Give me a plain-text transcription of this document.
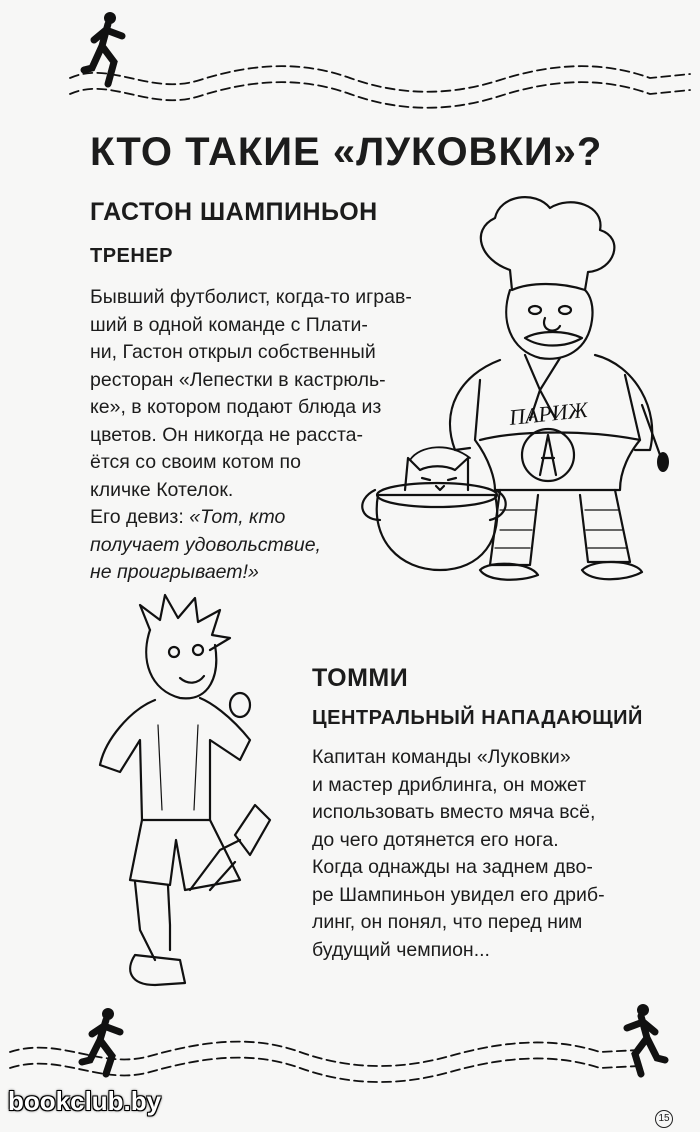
КТО ТАКИЕ «ЛУКОВКИ»?
ГАСТОН ШАМПИНЬОН
ТРЕНЕР

Бывший футболист, когда-то играв-

ший в одной команде с Плати-

ни, Гастон открыл собственный

ресторан «Лепестки в кастрюль-

ке», в котором подают блюда из

цветов. Он никогда не расста-

ётся со своим котом по

кличке Котелок.

Его девиз: «Тот, кто

получает удовольствие,

не проигрывает!»

ПАРИЖ
ТОММИ
ЦЕНТРАЛЬНЫЙ НАПАДАЮЩИЙ

Капитан команды «Луковки»

и мастер дриблинга, он может

использовать вместо мяча всё,

до чего дотянется его нога.

Когда однажды на заднем дво-

ре Шампиньон увидел его дриб-

линг, он понял, что перед ним

будущий чемпион...

bookclub.by
15
